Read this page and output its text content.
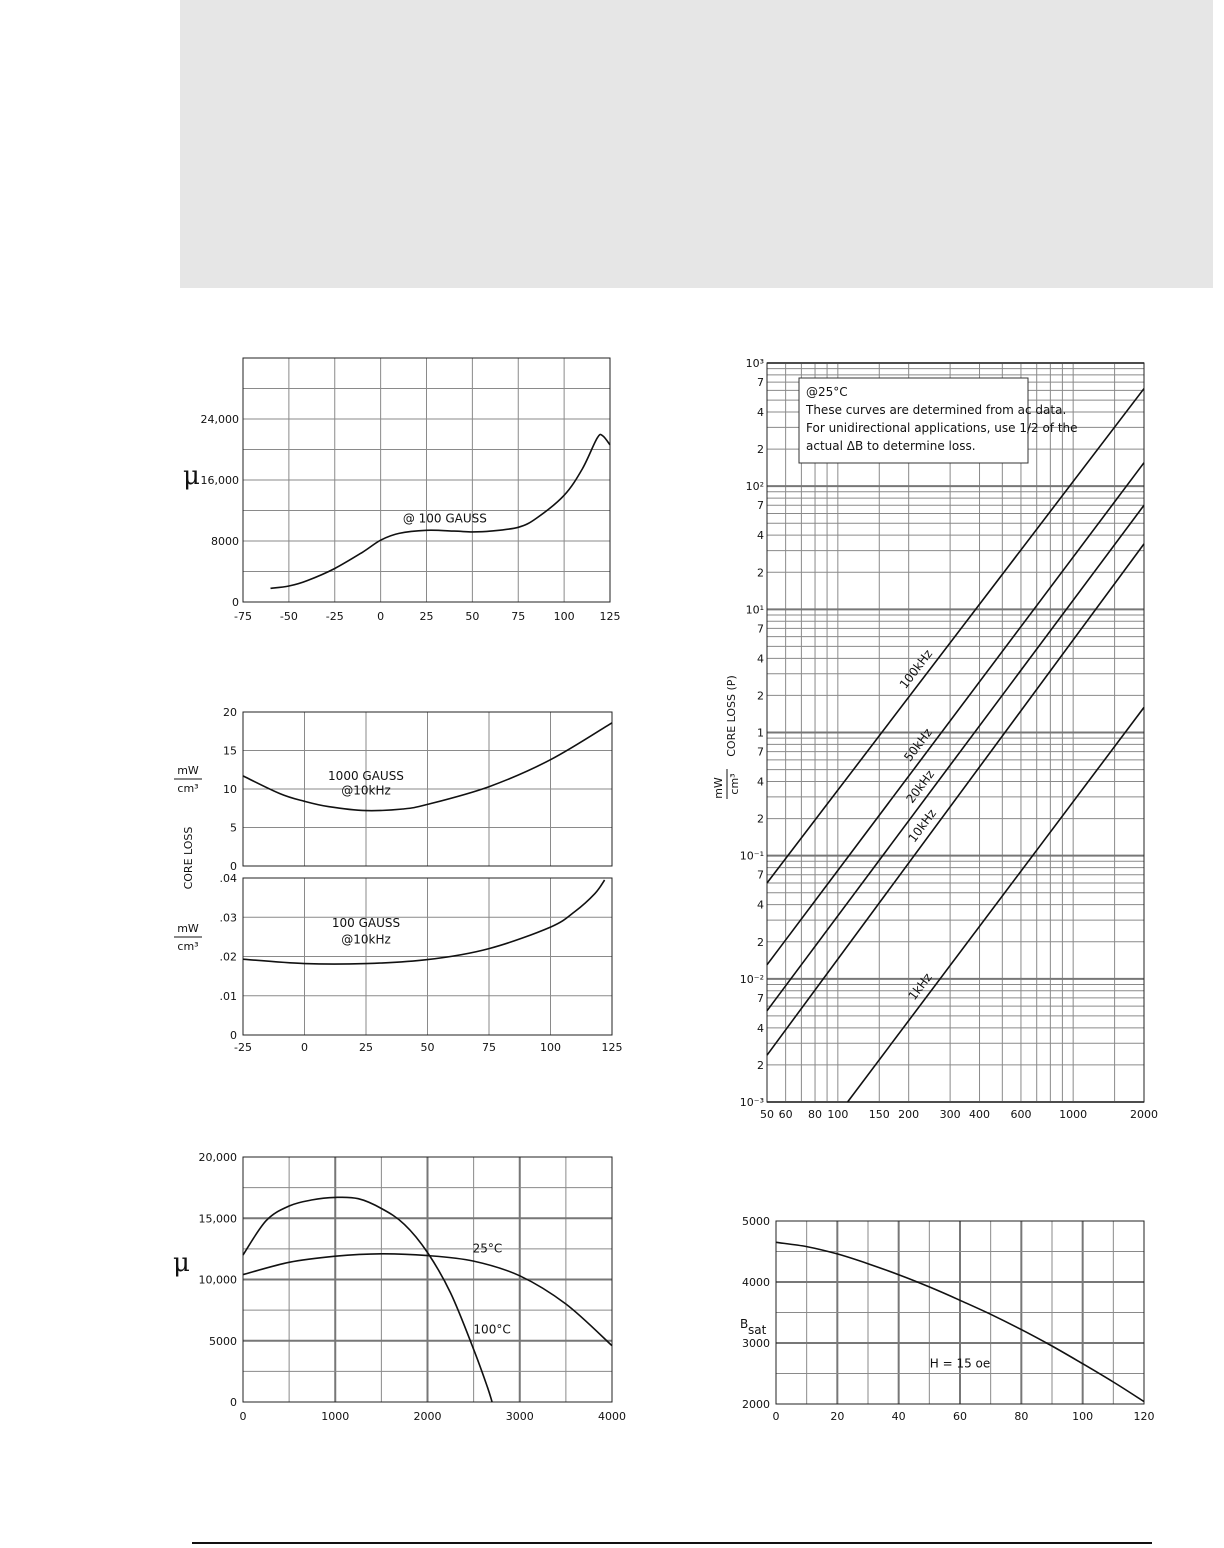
-75	-50	-25	0	25	50	75	100 125
0
8000
16,000
24,000
μ
@ 100 GAUSS
0
5
10
15
20
1000 GAUSS
@10kHz
mW
cm³
CORE LOSS
0
.01
.02
.03
.04
-25	0	25	50	75	100	125
100 GAUSS
@10kHz
mW
cm³
0	1000	2000	3000	4000
0
5000
10,000
15,000
20,000
μ	25°C
100°C
10³
10²
10¹
1
10⁻¹
10⁻²
10⁻³
7
4
2
7
4
2
7
4
2
7
4
2
7
4
2
7
4
2
50 60 80 100 150 200 300 400 600	1000	2000
100kHz
50kHz
20kHz
10kHz
1kHz
@25°C
These curves are determined from ac data.
For unidirectional applications, use 1/2 of the
actual ΔB to determine loss.
CORE LOSS (P)
mW cm³
0	20	40	60	80	100	120
2000
3000
4000
5000
B sat
H = 15 oe
